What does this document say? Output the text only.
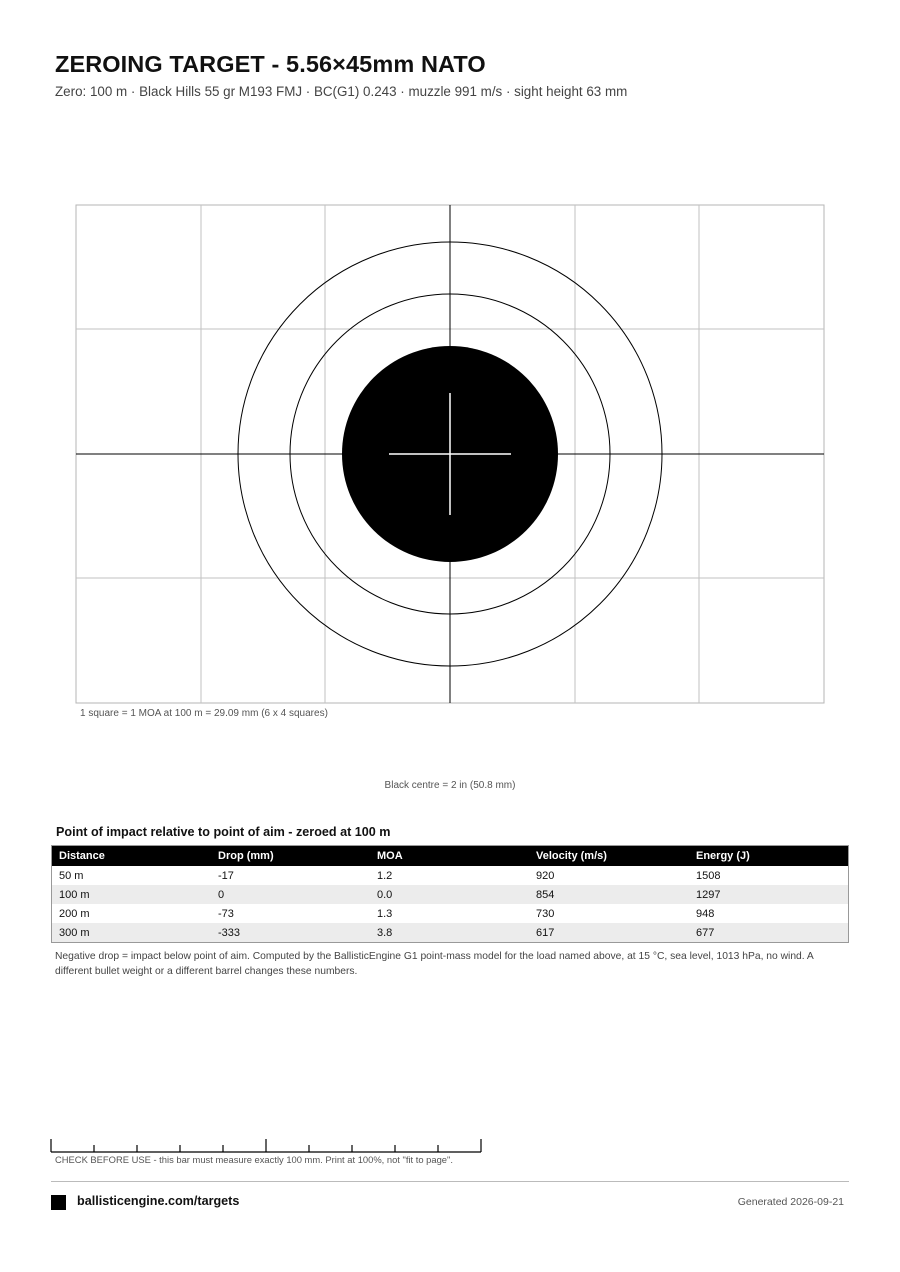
ZEROING TARGET - 5.56×45mm NATO
Zero: 100 m · Black Hills 55 gr M193 FMJ · BC(G1) 0.243 · muzzle 991 m/s · sight height 63 mm
1 square = 1 MOA at 100 m = 29.09 mm (6 x 4 squares)
Black centre = 2 in (50.8 mm)
Point of impact relative to point of aim - zeroed at 100 m
Distance	Drop (mm)	MOA	Velocity (m/s)	Energy (J)
50 m	-17	1.2	920	1508
100 m	0	0.0	854	1297
200 m	-73	1.3	730	948
300 m	-333	3.8	617	677
Negative drop = impact below point of aim. Computed by the BallisticEngine G1 point-mass model for the load named above, at 15 °C, sea level, 1013 hPa, no wind. A different bullet weight or a different barrel changes these numbers.
CHECK BEFORE USE - this bar must measure exactly 100 mm. Print at 100%, not "fit to page".
ballisticengine.com/targets	Generated 2026-09-21
